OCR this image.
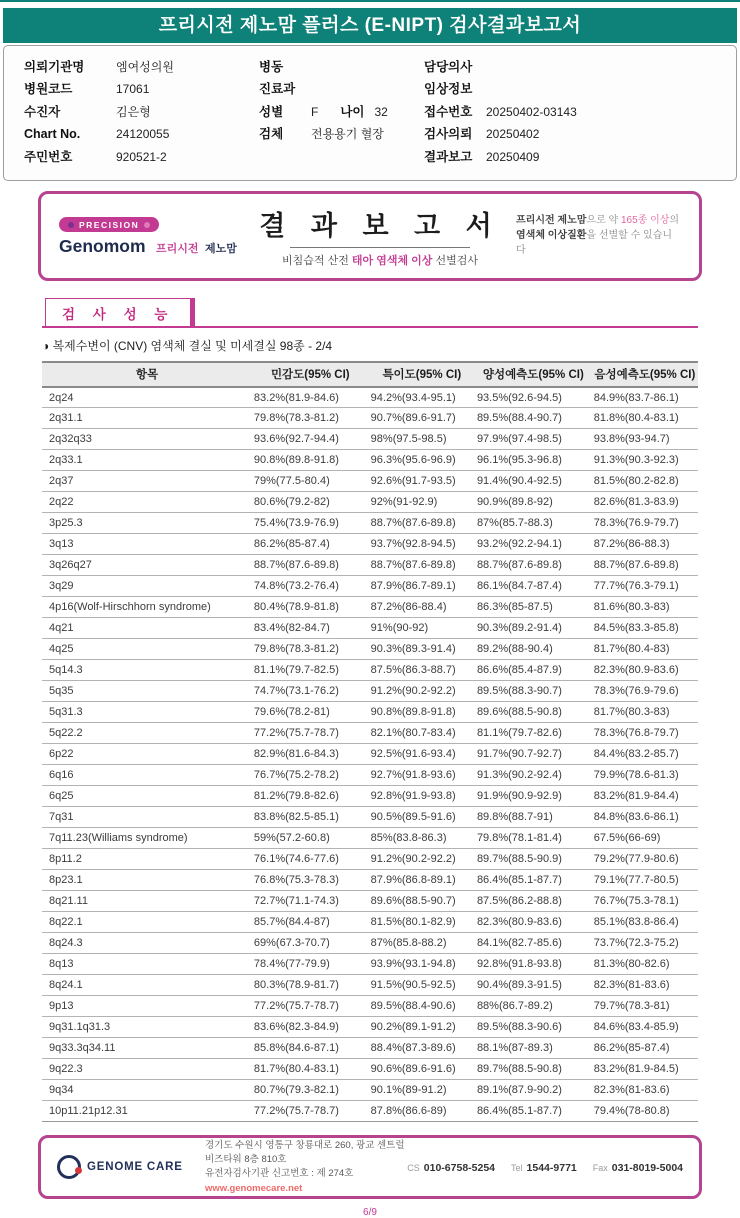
프리시전 제노맘 플러스 (E-NIPT) 검사결과보고서
의뢰기관명	엠여성의원
병원코드	17061
수진자	김은형
Chart No.	24120055
주민번호	920521-2
병동
진료과
성별 F 나이 32
검체 전용용기 혈장
담당의사
임상정보
접수번호 20250402-03143
검사의뢰 20250402
결과보고 20250409
PRECISION
Genomom 프리시전 제노맘
결 과 보 고 서
비침습적 산전 태아 염색체 이상 선별검사
프리시전 제노맘으로 약 165종 이상의
염색체 이상질환을 선별할 수 있습니다
검 사 성 능
◑ 복제수변이 (CNV) 염색체 결실 및 미세결실 98종 - 2/4
항목	민감도(95% CI)	특이도(95% CI)	양성예측도(95% CI)	음성예측도(95% CI)
2q24	83.2%(81.9-84.6)	94.2%(93.4-95.1)	93.5%(92.6-94.5)	84.9%(83.7-86.1)
2q31.1	79.8%(78.3-81.2)	90.7%(89.6-91.7)	89.5%(88.4-90.7)	81.8%(80.4-83.1)
2q32q33	93.6%(92.7-94.4)	98%(97.5-98.5)	97.9%(97.4-98.5)	93.8%(93-94.7)
2q33.1	90.8%(89.8-91.8)	96.3%(95.6-96.9)	96.1%(95.3-96.8)	91.3%(90.3-92.3)
2q37	79%(77.5-80.4)	92.6%(91.7-93.5)	91.4%(90.4-92.5)	81.5%(80.2-82.8)
2q22	80.6%(79.2-82)	92%(91-92.9)	90.9%(89.8-92)	82.6%(81.3-83.9)
3p25.3	75.4%(73.9-76.9)	88.7%(87.6-89.8)	87%(85.7-88.3)	78.3%(76.9-79.7)
3q13	86.2%(85-87.4)	93.7%(92.8-94.5)	93.2%(92.2-94.1)	87.2%(86-88.3)
3q26q27	88.7%(87.6-89.8)	88.7%(87.6-89.8)	88.7%(87.6-89.8)	88.7%(87.6-89.8)
3q29	74.8%(73.2-76.4)	87.9%(86.7-89.1)	86.1%(84.7-87.4)	77.7%(76.3-79.1)
4p16(Wolf-Hirschhorn syndrome)	80.4%(78.9-81.8)	87.2%(86-88.4)	86.3%(85-87.5)	81.6%(80.3-83)
4q21	83.4%(82-84.7)	91%(90-92)	90.3%(89.2-91.4)	84.5%(83.3-85.8)
4q25	79.8%(78.3-81.2)	90.3%(89.3-91.4)	89.2%(88-90.4)	81.7%(80.4-83)
5q14.3	81.1%(79.7-82.5)	87.5%(86.3-88.7)	86.6%(85.4-87.9)	82.3%(80.9-83.6)
5q35	74.7%(73.1-76.2)	91.2%(90.2-92.2)	89.5%(88.3-90.7)	78.3%(76.9-79.6)
5q31.3	79.6%(78.2-81)	90.8%(89.8-91.8)	89.6%(88.5-90.8)	81.7%(80.3-83)
5q22.2	77.2%(75.7-78.7)	82.1%(80.7-83.4)	81.1%(79.7-82.6)	78.3%(76.8-79.7)
6p22	82.9%(81.6-84.3)	92.5%(91.6-93.4)	91.7%(90.7-92.7)	84.4%(83.2-85.7)
6q16	76.7%(75.2-78.2)	92.7%(91.8-93.6)	91.3%(90.2-92.4)	79.9%(78.6-81.3)
6q25	81.2%(79.8-82.6)	92.8%(91.9-93.8)	91.9%(90.9-92.9)	83.2%(81.9-84.4)
7q31	83.8%(82.5-85.1)	90.5%(89.5-91.6)	89.8%(88.7-91)	84.8%(83.6-86.1)
7q11.23(Williams syndrome)	59%(57.2-60.8)	85%(83.8-86.3)	79.8%(78.1-81.4)	67.5%(66-69)
8p11.2	76.1%(74.6-77.6)	91.2%(90.2-92.2)	89.7%(88.5-90.9)	79.2%(77.9-80.6)
8p23.1	76.8%(75.3-78.3)	87.9%(86.8-89.1)	86.4%(85.1-87.7)	79.1%(77.7-80.5)
8q21.11	72.7%(71.1-74.3)	89.6%(88.5-90.7)	87.5%(86.2-88.8)	76.7%(75.3-78.1)
8q22.1	85.7%(84.4-87)	81.5%(80.1-82.9)	82.3%(80.9-83.6)	85.1%(83.8-86.4)
8q24.3	69%(67.3-70.7)	87%(85.8-88.2)	84.1%(82.7-85.6)	73.7%(72.3-75.2)
8q13	78.4%(77-79.9)	93.9%(93.1-94.8)	92.8%(91.8-93.8)	81.3%(80-82.6)
8q24.1	80.3%(78.9-81.7)	91.5%(90.5-92.5)	90.4%(89.3-91.5)	82.3%(81-83.6)
9p13	77.2%(75.7-78.7)	89.5%(88.4-90.6)	88%(86.7-89.2)	79.7%(78.3-81)
9q31.1q31.3	83.6%(82.3-84.9)	90.2%(89.1-91.2)	89.5%(88.3-90.6)	84.6%(83.4-85.9)
9q33.3q34.11	85.8%(84.6-87.1)	88.4%(87.3-89.6)	88.1%(87-89.3)	86.2%(85-87.4)
9q22.3	81.7%(80.4-83.1)	90.6%(89.6-91.6)	89.7%(88.5-90.8)	83.2%(81.9-84.5)
9q34	80.7%(79.3-82.1)	90.1%(89-91.2)	89.1%(87.9-90.2)	82.3%(81-83.6)
10p11.21p12.31	77.2%(75.7-78.7)	87.8%(86.6-89)	86.4%(85.1-87.7)	79.4%(78-80.8)
GENOME CARE
경기도 수원시 영통구 창룡대로 260, 광교 센트럴비즈타워 8층 810호
유전자검사기관 신고번호 : 제 274호
www.genomecare.net
CS 010-6758-5254 Tel 1544-9771 Fax 031-8019-5004
6/9
